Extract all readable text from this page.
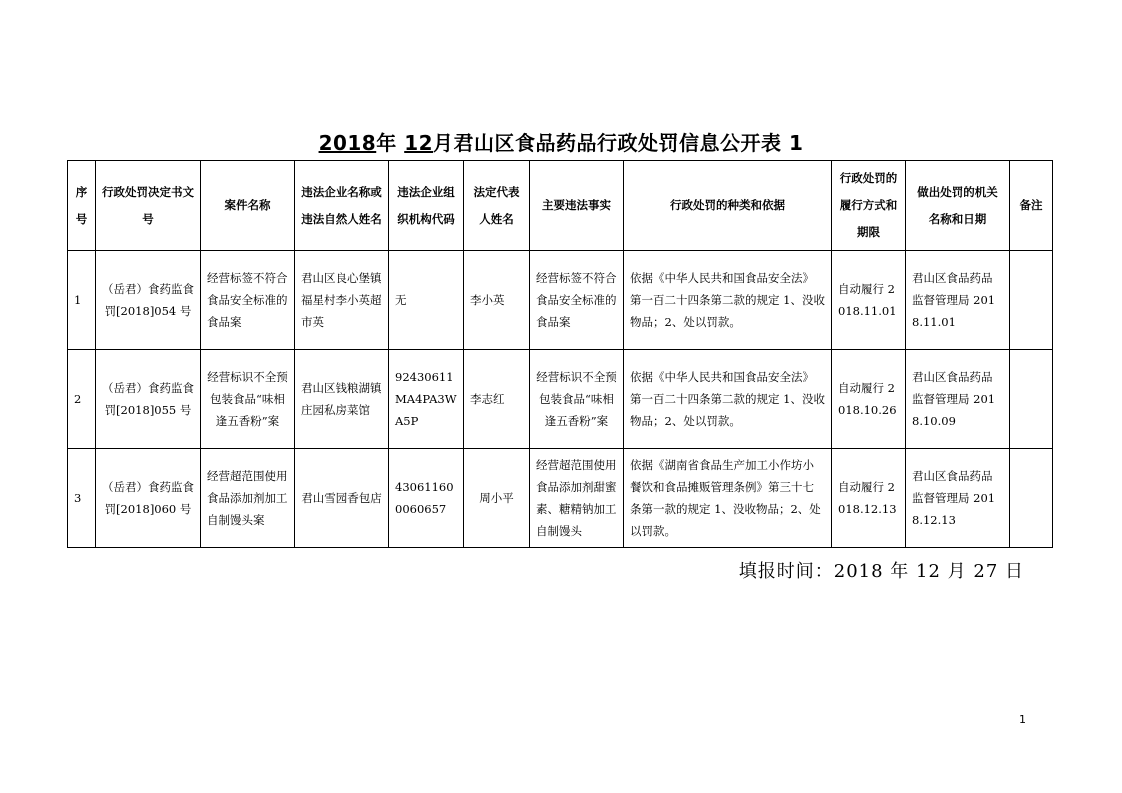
2018年 12月君山区食品药品行政处罚信息公开表 1
序号	行政处罚决定书文号	案件名称	违法企业名称或违法自然人姓名	违法企业组织机构代码	法定代表人姓名	主要违法事实	行政处罚的种类和依据	行政处罚的履行方式和期限	做出处罚的机关名称和日期	备注
1	（岳君）食药监食罚[2018]054 号	经营标签不符合食品安全标准的食品案	君山区良心堡镇福星村李小英超市英	无	李小英	经营标签不符合食品安全标准的食品案	依据《中华人民共和国食品安全法》第一百二十四条第二款的规定 1、没收物品；2、处以罚款。	自动履行 2018.11.01	君山区食品药品监督管理局 2018.11.01	
2	（岳君）食药监食罚[2018]055 号	经营标识不全预包装食品“味相逢五香粉”案	君山区钱粮湖镇庄园私房菜馆	92430611MA4PA3WA5P	李志红	经营标识不全预包装食品“味相逢五香粉”案	依据《中华人民共和国食品安全法》第一百二十四条第二款的规定 1、没收物品；2、处以罚款。	自动履行 2018.10.26	君山区食品药品监督管理局 2018.10.09	
3	（岳君）食药监食罚[2018]060 号	经营超范围使用食品添加剂加工自制馒头案	君山雪园香包店	430611600060657	周小平	经营超范围使用食品添加剂甜蜜素、糖精钠加工自制馒头	依据《湖南省食品生产加工小作坊小餐饮和食品摊贩管理条例》第三十七条第一款的规定 1、没收物品；2、处以罚款。	自动履行 2018.12.13	君山区食品药品监督管理局 2018.12.13	
填报时间：2018 年 12 月 27 日
1
